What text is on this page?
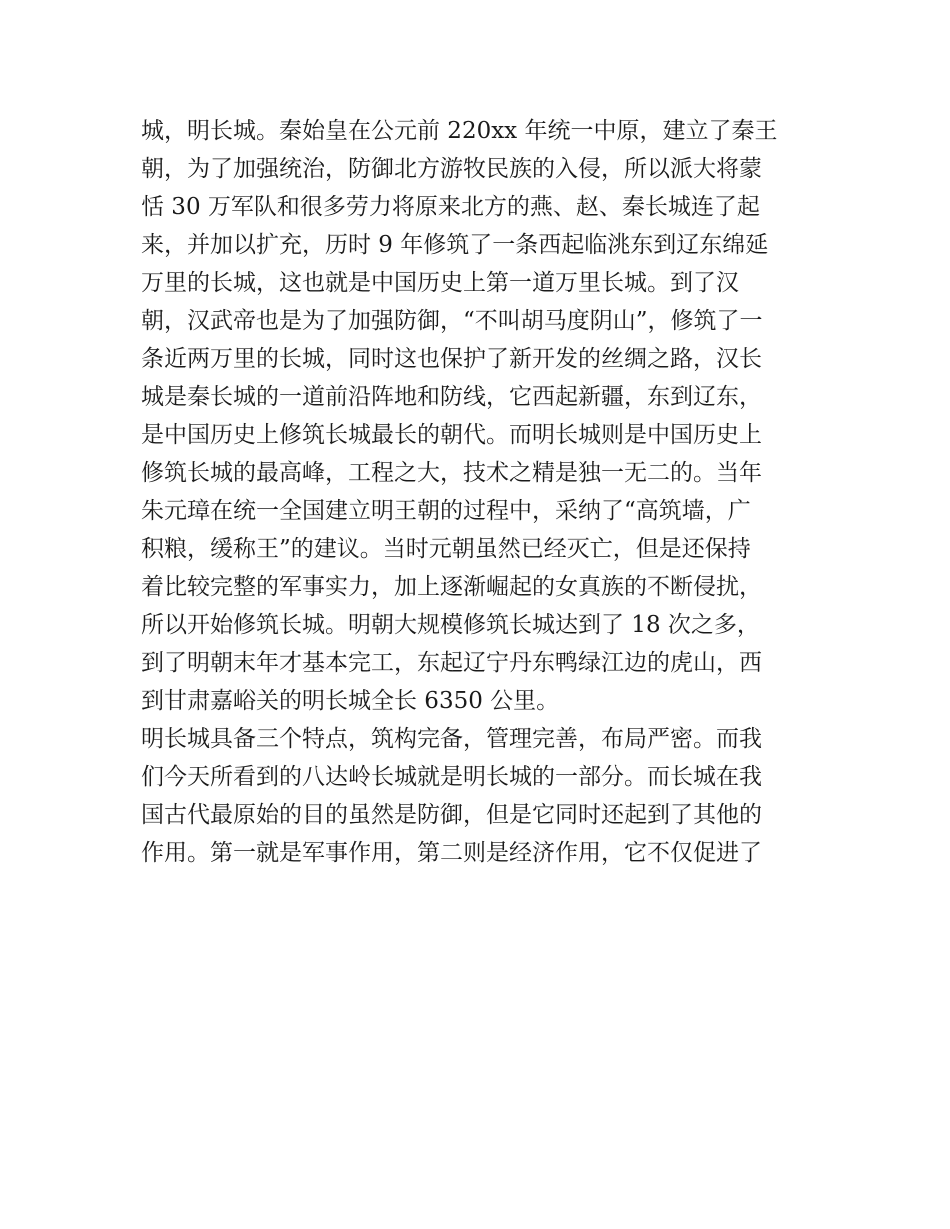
城，明长城。秦始皇在公元前 220xx 年统一中原，建立了秦王
朝，为了加强统治，防御北方游牧民族的入侵，所以派大将蒙
恬 30 万军队和很多劳力将原来北方的燕、赵、秦长城连了起
来，并加以扩充，历时 9 年修筑了一条西起临洮东到辽东绵延
万里的长城，这也就是中国历史上第一道万里长城。到了汉
朝，汉武帝也是为了加强防御，“不叫胡马度阴山”，修筑了一
条近两万里的长城，同时这也保护了新开发的丝绸之路，汉长
城是秦长城的一道前沿阵地和防线，它西起新疆，东到辽东，
是中国历史上修筑长城最长的朝代。而明长城则是中国历史上
修筑长城的最高峰，工程之大，技术之精是独一无二的。当年
朱元璋在统一全国建立明王朝的过程中，采纳了“高筑墙，广
积粮，缓称王”的建议。当时元朝虽然已经灭亡，但是还保持
着比较完整的军事实力，加上逐渐崛起的女真族的不断侵扰，
所以开始修筑长城。明朝大规模修筑长城达到了 18 次之多，
到了明朝末年才基本完工，东起辽宁丹东鸭绿江边的虎山，西
到甘肃嘉峪关的明长城全长 6350 公里。
明长城具备三个特点，筑构完备，管理完善，布局严密。而我
们今天所看到的八达岭长城就是明长城的一部分。而长城在我
国古代最原始的目的虽然是防御，但是它同时还起到了其他的
作用。第一就是军事作用，第二则是经济作用，它不仅促进了
